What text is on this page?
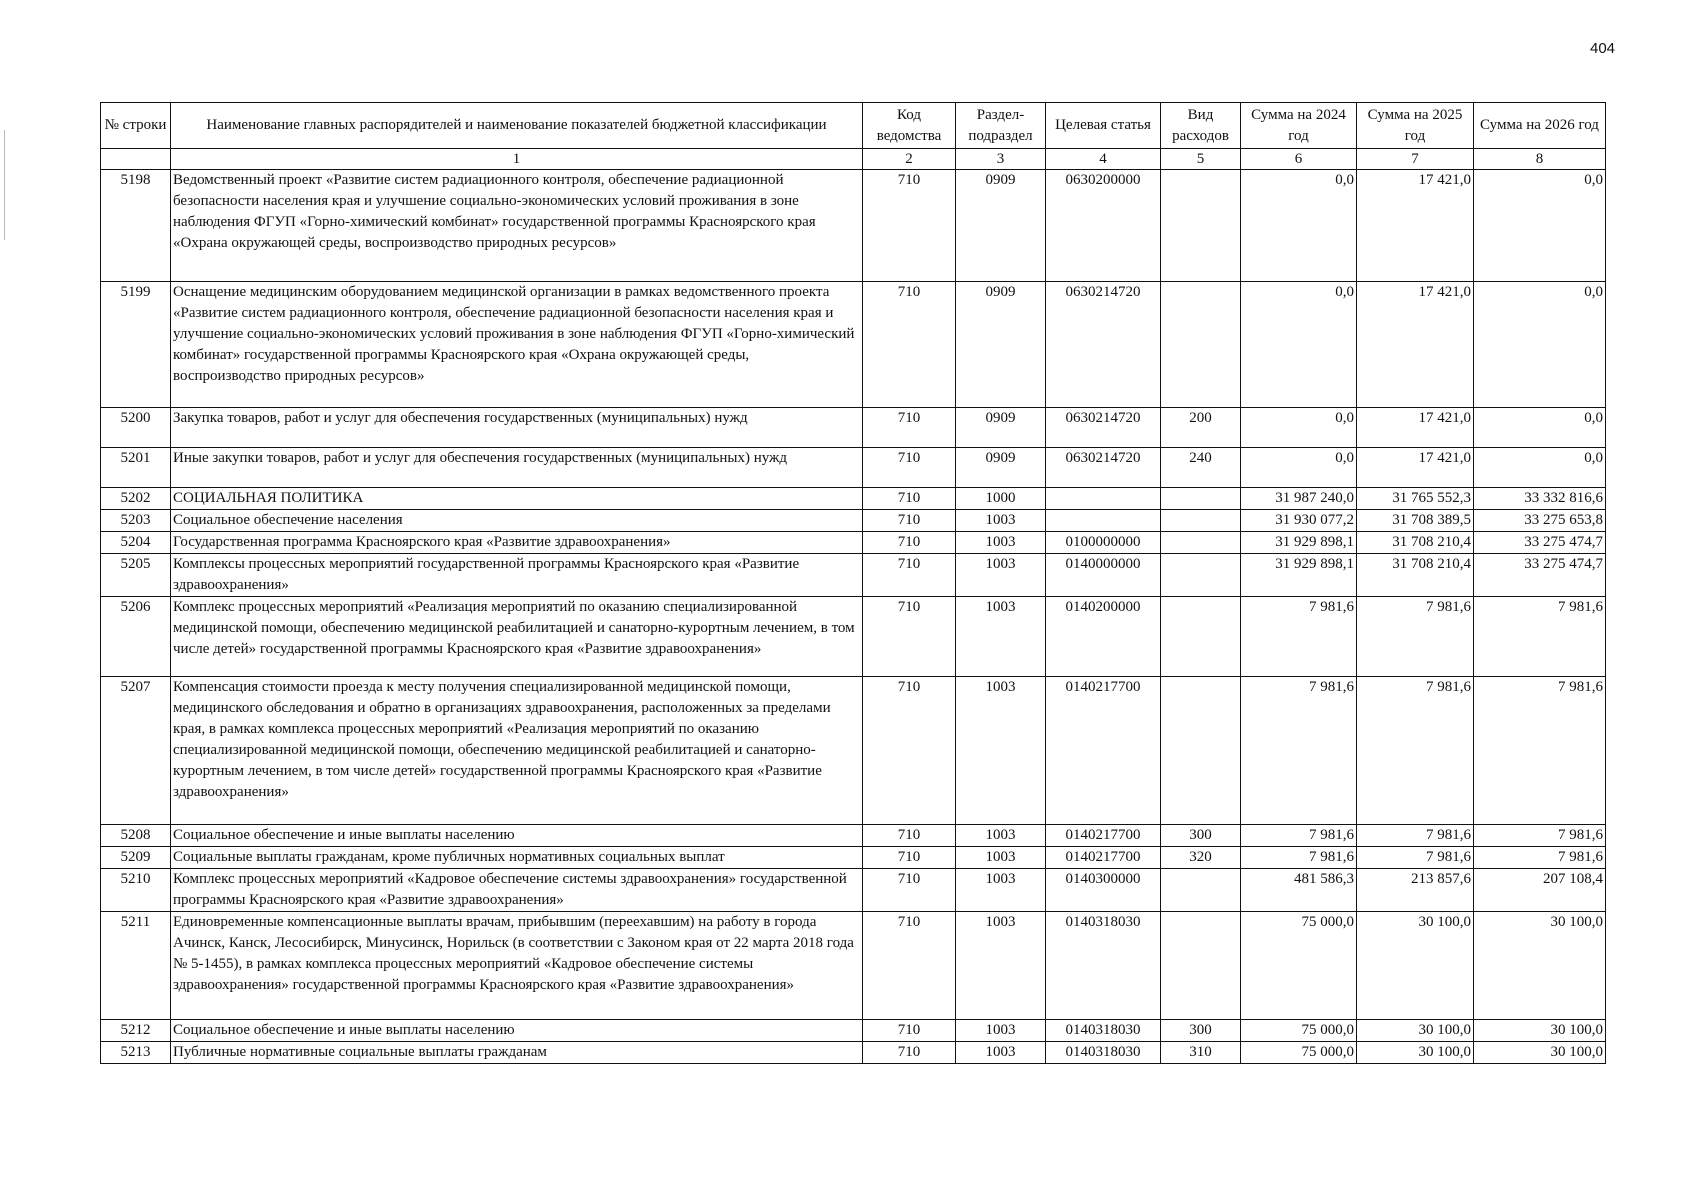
404
№ строки	Наименование главных распорядителей и наименование показателей бюджетной классификации	Код ведомства	Раздел-подраздел	Целевая статья	Вид расходов	Сумма на 2024 год	Сумма на 2025 год	Сумма на 2026 год
	1	2	3	4	5	6	7	8
5198	Ведомственный проект «Развитие систем радиационного контроля, обеспечение радиационной безопасности населения края и улучшение социально-экономических условий проживания в зоне наблюдения ФГУП «Горно-химический комбинат» государственной программы Красноярского края «Охрана окружающей среды, воспроизводство природных ресурсов»	710	0909	0630200000		0,0	17 421,0	0,0
5199	Оснащение медицинским оборудованием медицинской организации в рамках ведомственного проекта «Развитие систем радиационного контроля, обеспечение радиационной безопасности населения края и улучшение социально-экономических условий проживания в зоне наблюдения ФГУП «Горно-химический комбинат» государственной программы Красноярского края «Охрана окружающей среды, воспроизводство природных ресурсов»	710	0909	0630214720		0,0	17 421,0	0,0
5200	Закупка товаров, работ и услуг для обеспечения государственных (муниципальных) нужд	710	0909	0630214720	200	0,0	17 421,0	0,0
5201	Иные закупки товаров, работ и услуг для обеспечения государственных (муниципальных) нужд	710	0909	0630214720	240	0,0	17 421,0	0,0
5202	СОЦИАЛЬНАЯ ПОЛИТИКА	710	1000			31 987 240,0	31 765 552,3	33 332 816,6
5203	Социальное обеспечение населения	710	1003			31 930 077,2	31 708 389,5	33 275 653,8
5204	Государственная программа Красноярского края «Развитие здравоохранения»	710	1003	0100000000		31 929 898,1	31 708 210,4	33 275 474,7
5205	Комплексы процессных мероприятий государственной программы Красноярского края «Развитие здравоохранения»	710	1003	0140000000		31 929 898,1	31 708 210,4	33 275 474,7
5206	Комплекс процессных мероприятий «Реализация мероприятий по оказанию специализированной медицинской помощи, обеспечению медицинской реабилитацией и санаторно-курортным лечением, в том числе детей» государственной программы Красноярского края «Развитие здравоохранения»	710	1003	0140200000		7 981,6	7 981,6	7 981,6
5207	Компенсация стоимости проезда к месту получения специализированной медицинской помощи, медицинского обследования и обратно в организациях здравоохранения, расположенных за пределами края, в рамках комплекса процессных мероприятий «Реализация мероприятий по оказанию специализированной медицинской помощи, обеспечению медицинской реабилитацией и санаторно-курортным лечением, в том числе детей» государственной программы Красноярского края «Развитие здравоохранения»	710	1003	0140217700		7 981,6	7 981,6	7 981,6
5208	Социальное обеспечение и иные выплаты населению	710	1003	0140217700	300	7 981,6	7 981,6	7 981,6
5209	Социальные выплаты гражданам, кроме публичных нормативных социальных выплат	710	1003	0140217700	320	7 981,6	7 981,6	7 981,6
5210	Комплекс процессных мероприятий «Кадровое обеспечение системы здравоохранения» государственной программы Красноярского края «Развитие здравоохранения»	710	1003	0140300000		481 586,3	213 857,6	207 108,4
5211	Единовременные компенсационные выплаты врачам, прибывшим (переехавшим) на работу в города Ачинск, Канск, Лесосибирск, Минусинск, Норильск (в соответствии с Законом края от 22 марта 2018 года № 5-1455), в рамках комплекса процессных мероприятий «Кадровое обеспечение системы здравоохранения» государственной программы Красноярского края «Развитие здравоохранения»	710	1003	0140318030		75 000,0	30 100,0	30 100,0
5212	Социальное обеспечение и иные выплаты населению	710	1003	0140318030	300	75 000,0	30 100,0	30 100,0
5213	Публичные нормативные социальные выплаты гражданам	710	1003	0140318030	310	75 000,0	30 100,0	30 100,0
